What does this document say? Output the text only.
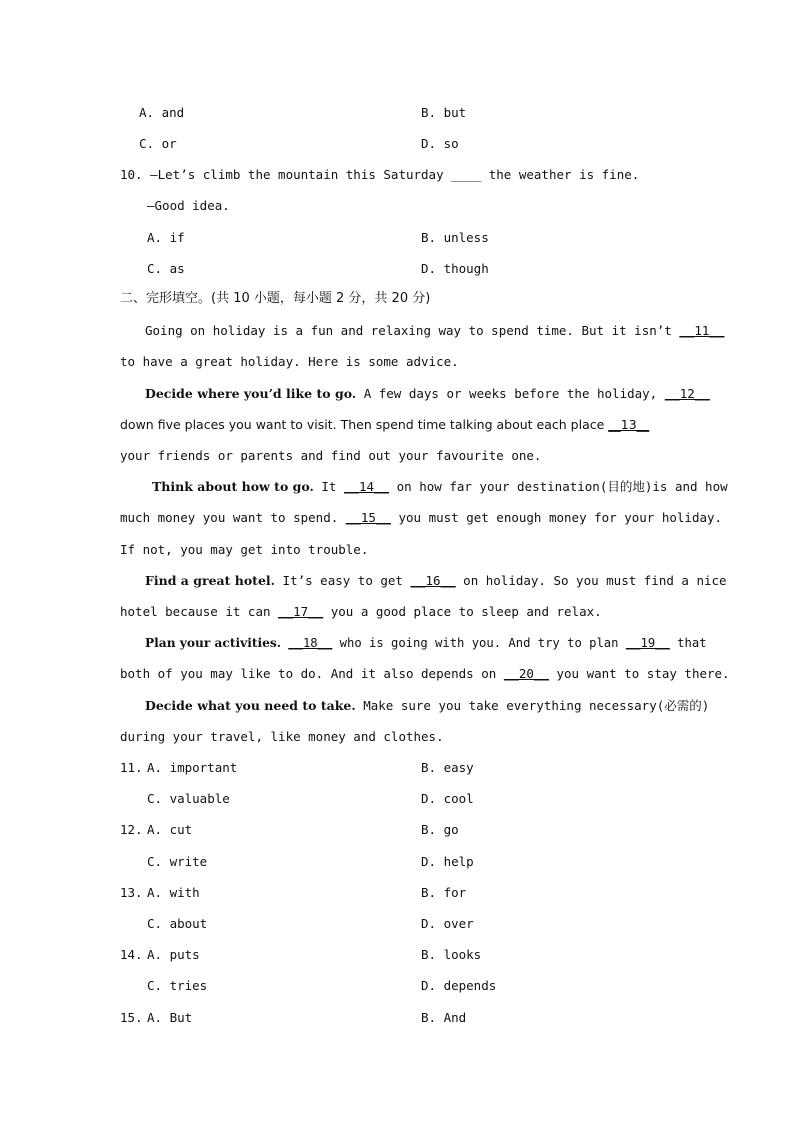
A. and	B. but
C. or	D. so
10. —Let’s climb the mountain this Saturday ____ the weather is fine.
—Good idea.
A. if	B. unless
C. as	D. though
二、完形填空。(共 10 小题，每小题 2 分，共 20 分)
Going on holiday is a fun and relaxing way to spend time. But it isn’t __11__
to have a great holiday. Here is some advice.
Decide where you’d like to go. A few days or weeks before the holiday, __12__
down five places you want to visit. Then spend time talking about each place __13__
your friends or parents and find out your favourite one.
Think about how to go. It __14__ on how far your destination(目的地)is and how
much money you want to spend. __15__ you must get enough money for your holiday.
If not, you may get into trouble.
Find a great hotel. It’s easy to get __16__ on holiday. So you must find a nice
hotel because it can __17__ you a good place to sleep and relax.
Plan your activities. __18__ who is going with you. And try to plan __19__ that
both of you may like to do. And it also depends on __20__ you want to stay there.
Decide what you need to take. Make sure you take everything necessary(必需的)
during your travel, like money and clothes.
11. A. important	B. easy
C. valuable	D. cool
12. A. cut	B. go
C. write	D. help
13. A. with	B. for
C. about	D. over
14. A. puts	B. looks
C. tries	D. depends
15. A. But	B. And
